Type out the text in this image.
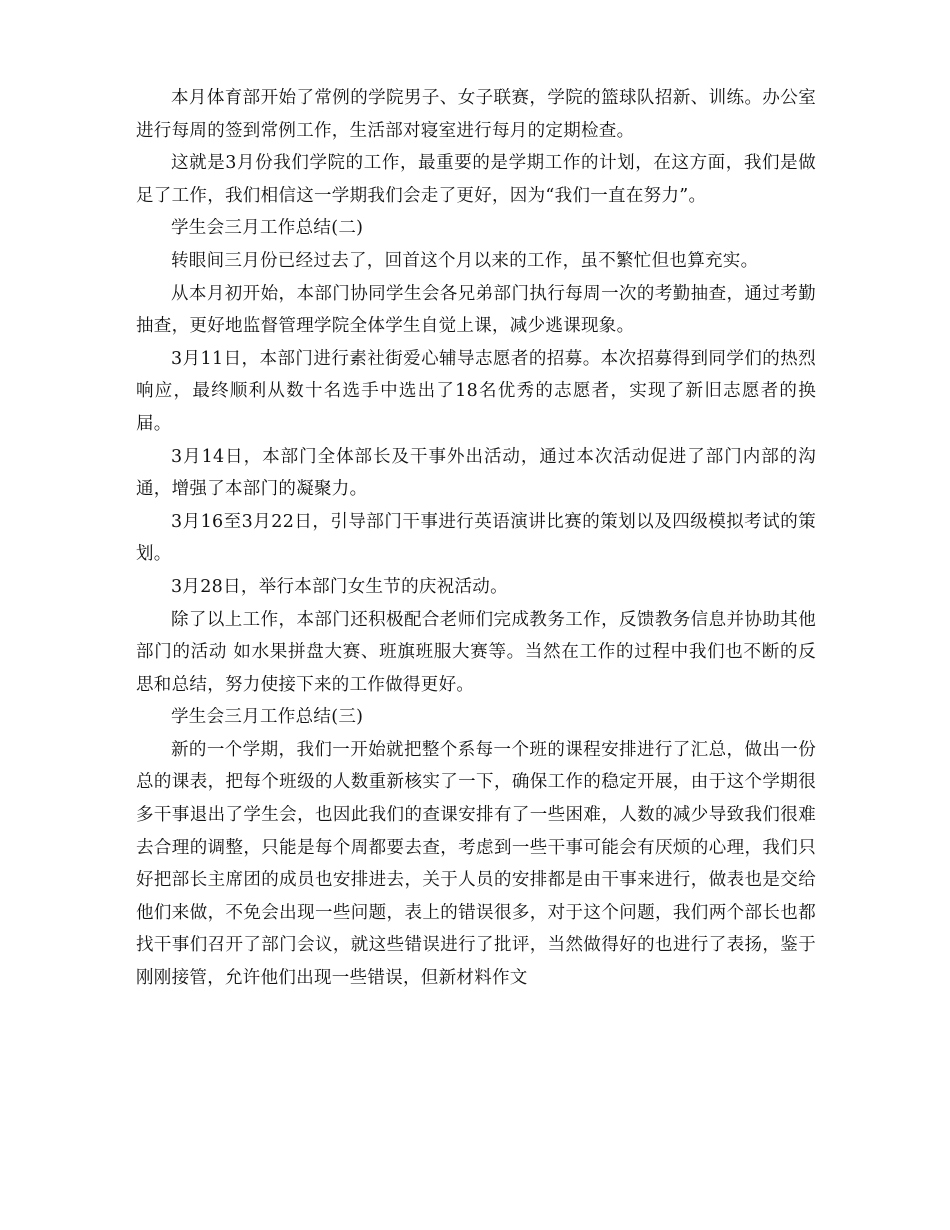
本月体育部开始了常例的学院男子、女子联赛，学院的篮球队招新、训练。办公室进行每周的签到常例工作，生活部对寝室进行每月的定期检查。

这就是3月份我们学院的工作，最重要的是学期工作的计划，在这方面，我们是做足了工作，我们相信这一学期我们会走了更好，因为“我们一直在努力”。

学生会三月工作总结(二)

转眼间三月份已经过去了，回首这个月以来的工作，虽不繁忙但也算充实。

从本月初开始，本部门协同学生会各兄弟部门执行每周一次的考勤抽查，通过考勤抽查，更好地监督管理学院全体学生自觉上课，减少逃课现象。

3月11日，本部门进行素社街爱心辅导志愿者的招募。本次招募得到同学们的热烈响应，最终顺利从数十名选手中选出了18名优秀的志愿者，实现了新旧志愿者的换届。

3月14日，本部门全体部长及干事外出活动，通过本次活动促进了部门内部的沟通，增强了本部门的凝聚力。

3月16至3月22日，引导部门干事进行英语演讲比赛的策划以及四级模拟考试的策划。

3月28日，举行本部门女生节的庆祝活动。

除了以上工作，本部门还积极配合老师们完成教务工作，反馈教务信息并协助其他部门的活动 如水果拼盘大赛、班旗班服大赛等。当然在工作的过程中我们也不断的反思和总结，努力使接下来的工作做得更好。

学生会三月工作总结(三)

新的一个学期，我们一开始就把整个系每一个班的课程安排进行了汇总，做出一份总的课表，把每个班级的人数重新核实了一下，确保工作的稳定开展，由于这个学期很多干事退出了学生会，也因此我们的查课安排有了一些困难，人数的减少导致我们很难去合理的调整，只能是每个周都要去查，考虑到一些干事可能会有厌烦的心理，我们只好把部长主席团的成员也安排进去，关于人员的安排都是由干事来进行，做表也是交给他们来做，不免会出现一些问题，表上的错误很多，对于这个问题，我们两个部长也都找干事们召开了部门会议，就这些错误进行了批评，当然做得好的也进行了表扬，鉴于刚刚接管，允许他们出现一些错误，但新材料作文
